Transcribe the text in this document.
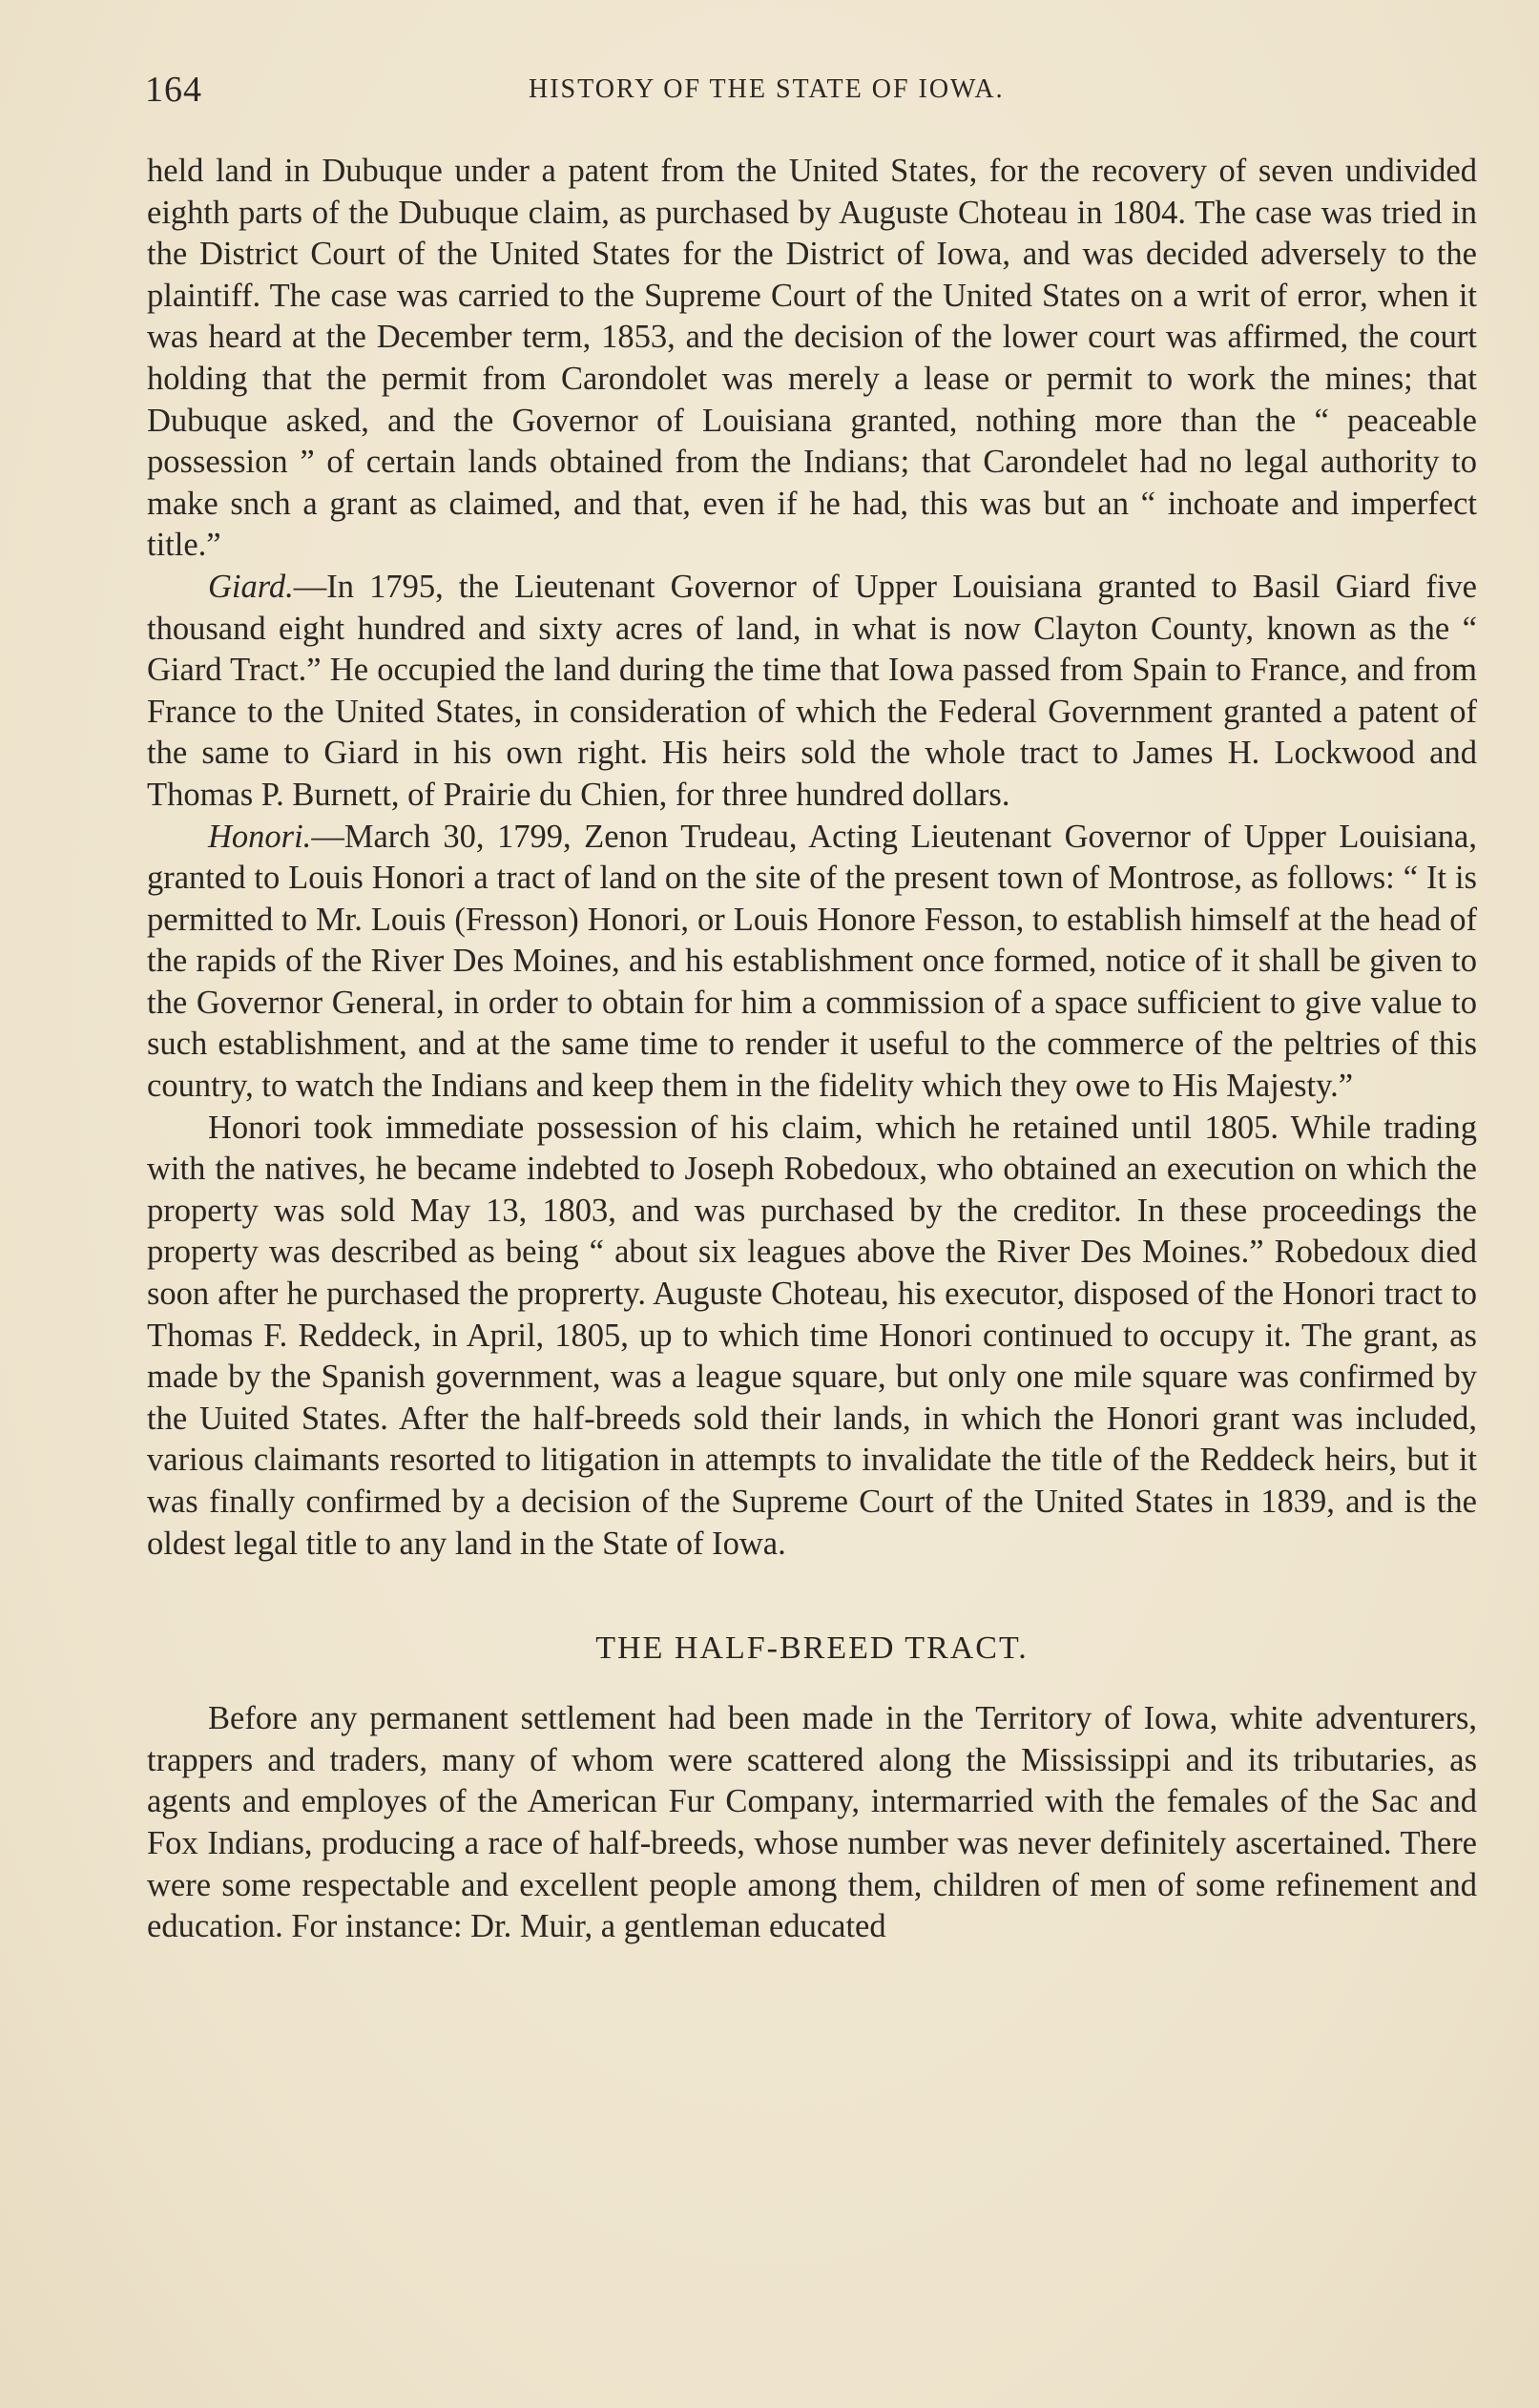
164	HISTORY OF THE STATE OF IOWA.

held land in Dubuque under a patent from the United States, for the recovery of seven undivided eighth parts of the Dubuque claim, as purchased by Auguste Choteau in 1804. The case was tried in the District Court of the United States for the District of Iowa, and was decided adversely to the plaintiff. The case was carried to the Supreme Court of the United States on a writ of error, when it was heard at the December term, 1853, and the decision of the lower court was affirmed, the court holding that the permit from Carondolet was merely a lease or permit to work the mines; that Dubuque asked, and the Governor of Louisiana granted, nothing more than the “ peaceable possession ” of certain lands obtained from the Indians; that Carondelet had no legal authority to make snch a grant as claimed, and that, even if he had, this was but an “ inchoate and imperfect title.”

Giard.—In 1795, the Lieutenant Governor of Upper Louisiana granted to Basil Giard five thousand eight hundred and sixty acres of land, in what is now Clayton County, known as the “ Giard Tract.” He occupied the land during the time that Iowa passed from Spain to France, and from France to the United States, in consideration of which the Federal Government granted a patent of the same to Giard in his own right. His heirs sold the whole tract to James H. Lockwood and Thomas P. Burnett, of Prairie du Chien, for three hundred dollars.

Honori.—March 30, 1799, Zenon Trudeau, Acting Lieutenant Governor of Upper Louisiana, granted to Louis Honori a tract of land on the site of the present town of Montrose, as follows: “ It is permitted to Mr. Louis (Fresson) Honori, or Louis Honore Fesson, to establish himself at the head of the rapids of the River Des Moines, and his establishment once formed, notice of it shall be given to the Governor General, in order to obtain for him a commission of a space sufficient to give value to such establishment, and at the same time to render it useful to the commerce of the peltries of this country, to watch the Indians and keep them in the fidelity which they owe to His Majesty.”

Honori took immediate possession of his claim, which he retained until 1805. While trading with the natives, he became indebted to Joseph Robedoux, who obtained an execution on which the property was sold May 13, 1803, and was purchased by the creditor. In these proceedings the property was described as being “ about six leagues above the River Des Moines.” Robedoux died soon after he purchased the proprerty. Auguste Choteau, his executor, disposed of the Honori tract to Thomas F. Reddeck, in April, 1805, up to which time Honori continued to occupy it. The grant, as made by the Spanish government, was a league square, but only one mile square was confirmed by the Uuited States. After the half-breeds sold their lands, in which the Honori grant was included, various claimants resorted to litigation in attempts to invalidate the title of the Reddeck heirs, but it was finally confirmed by a decision of the Supreme Court of the United States in 1839, and is the oldest legal title to any land in the State of Iowa.

THE HALF-BREED TRACT.

Before any permanent settlement had been made in the Territory of Iowa, white adventurers, trappers and traders, many of whom were scattered along the Mississippi and its tributaries, as agents and employes of the American Fur Company, intermarried with the females of the Sac and Fox Indians, producing a race of half-breeds, whose number was never definitely ascertained. There were some respectable and excellent people among them, children of men of some refinement and education. For instance: Dr. Muir, a gentleman educated
